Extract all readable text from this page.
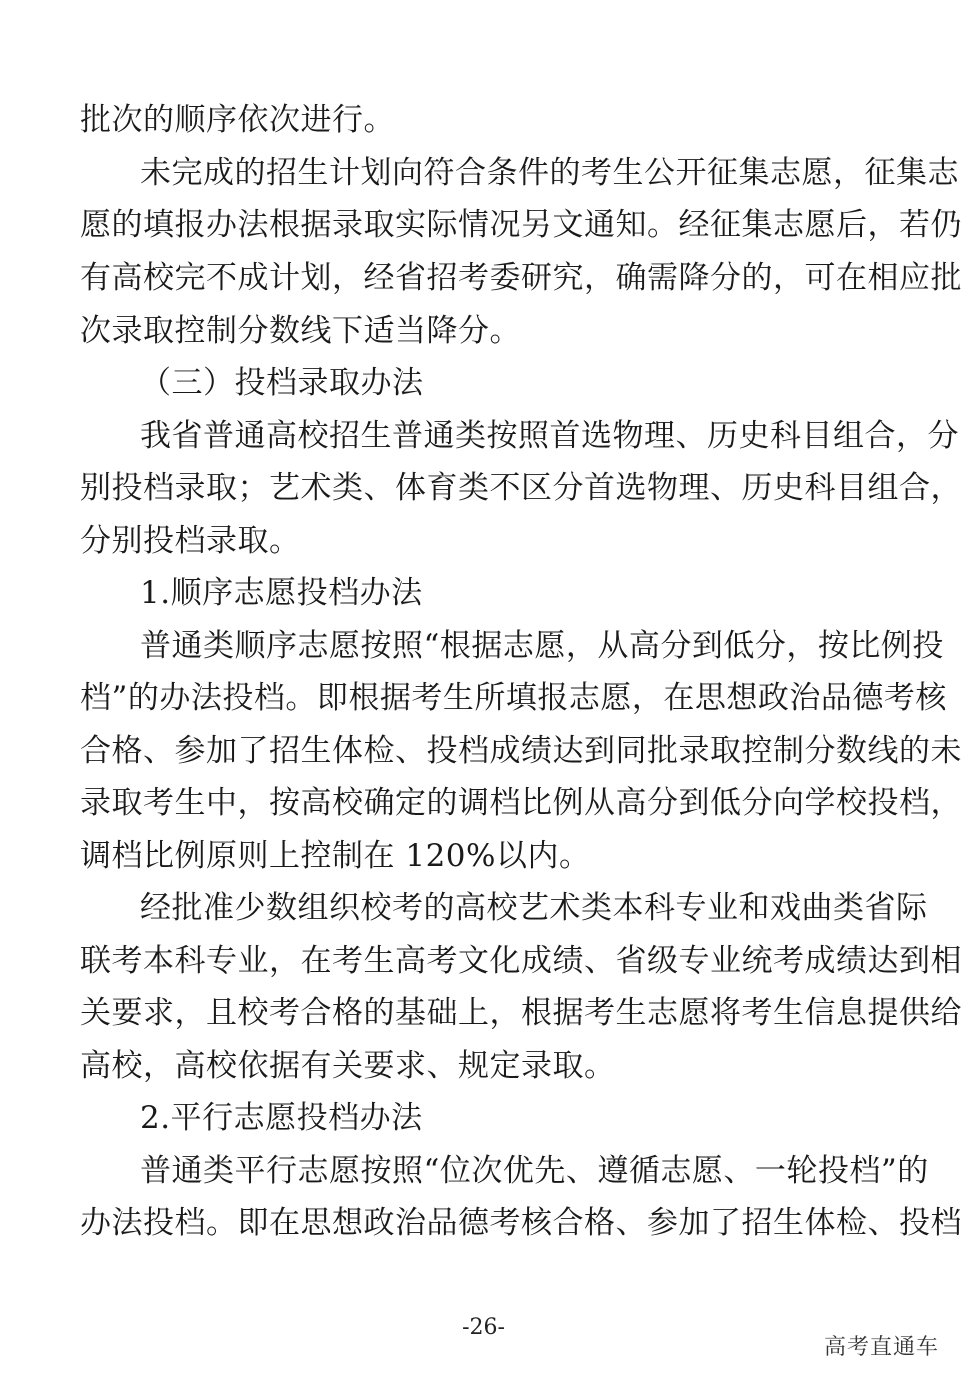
批次的顺序依次进行。
未完成的招生计划向符合条件的考生公开征集志愿，征集志
愿的填报办法根据录取实际情况另文通知。经征集志愿后，若仍
有高校完不成计划，经省招考委研究，确需降分的，可在相应批
次录取控制分数线下适当降分。
（三）投档录取办法
我省普通高校招生普通类按照首选物理、历史科目组合，分
别投档录取；艺术类、体育类不区分首选物理、历史科目组合，
分别投档录取。
1.顺序志愿投档办法
普通类顺序志愿按照“根据志愿，从高分到低分，按比例投
档”的办法投档。即根据考生所填报志愿，在思想政治品德考核
合格、参加了招生体检、投档成绩达到同批录取控制分数线的未
录取考生中，按高校确定的调档比例从高分到低分向学校投档，
调档比例原则上控制在 120%以内。
经批准少数组织校考的高校艺术类本科专业和戏曲类省际
联考本科专业，在考生高考文化成绩、省级专业统考成绩达到相
关要求，且校考合格的基础上，根据考生志愿将考生信息提供给
高校，高校依据有关要求、规定录取。
2.平行志愿投档办法
普通类平行志愿按照“位次优先、遵循志愿、一轮投档”的
办法投档。即在思想政治品德考核合格、参加了招生体检、投档
-26-
高考直通车
